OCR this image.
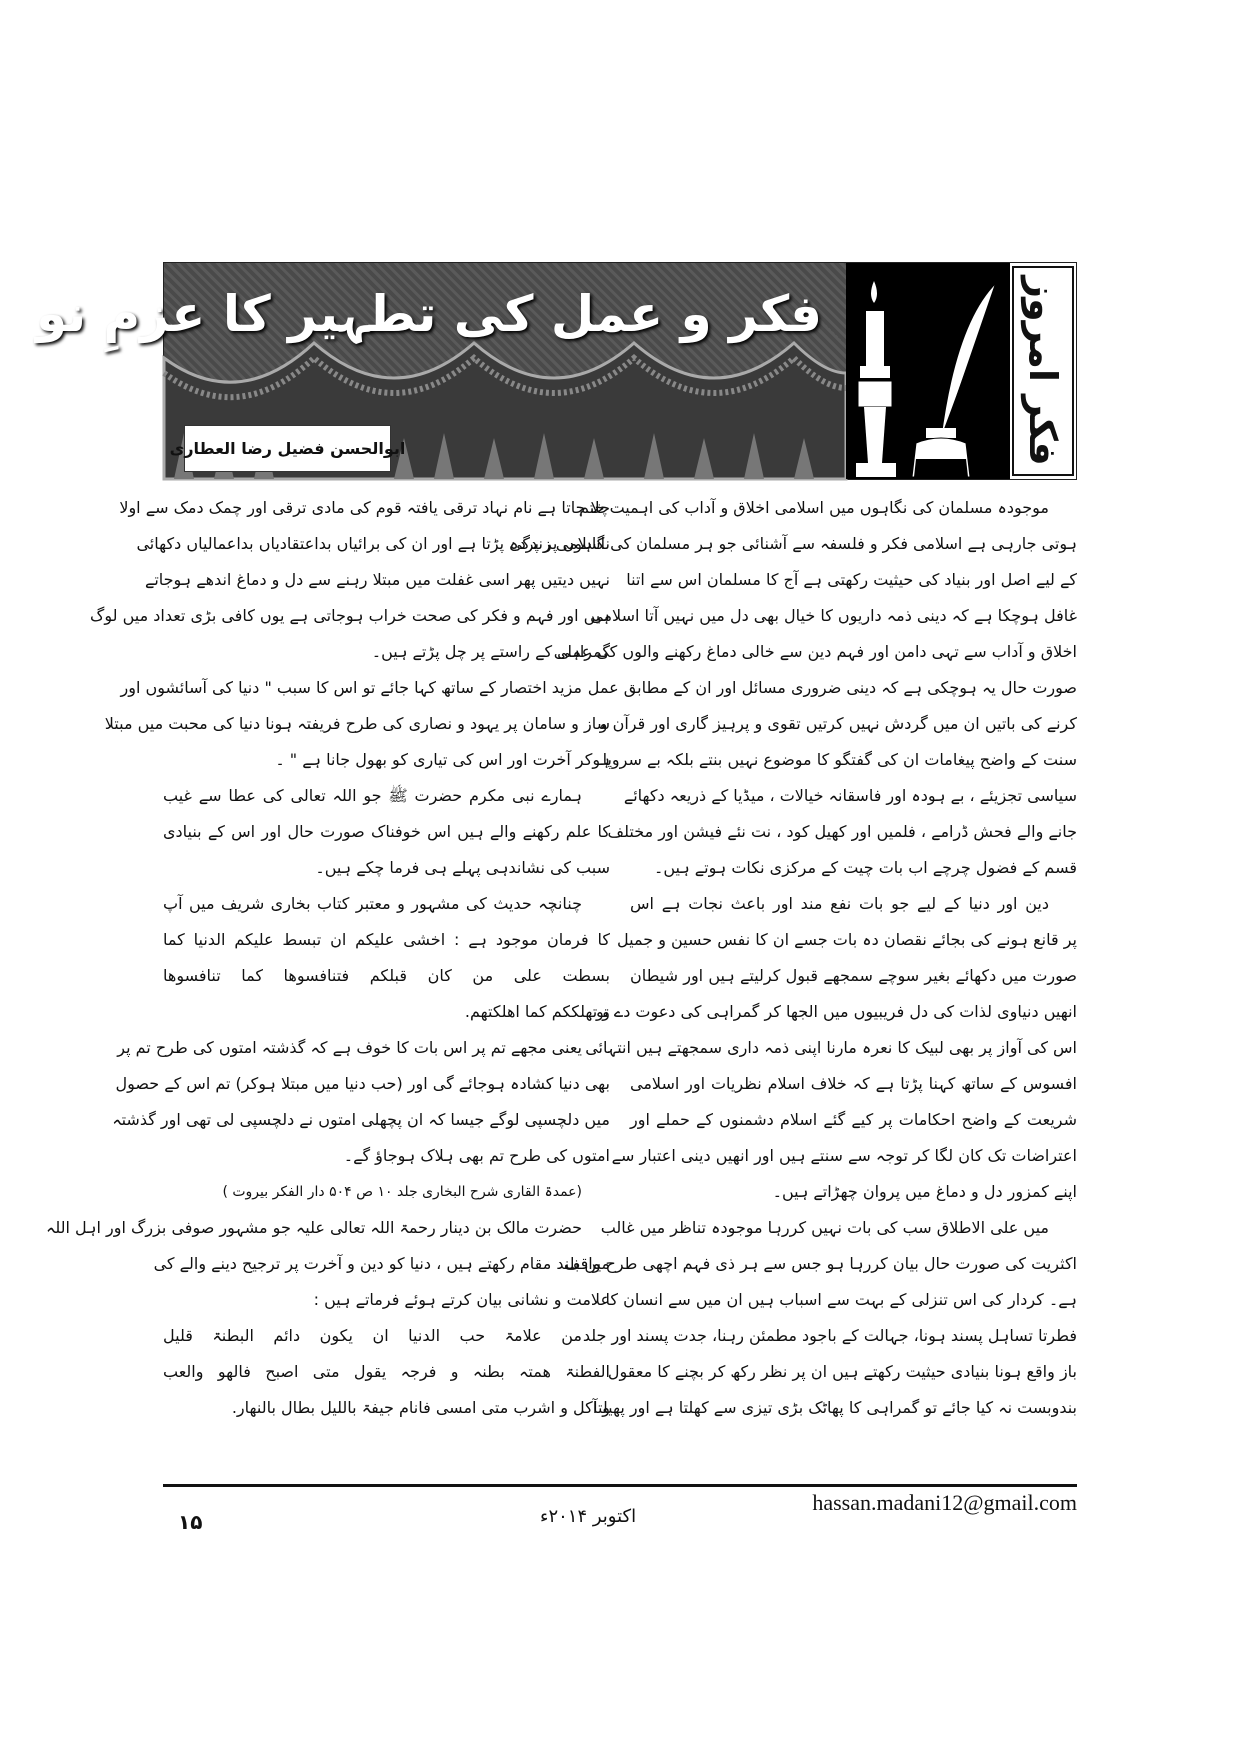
فکر و عمل کی تطہیر کا عزمِ نو
ابوالحسن فضیل رضا العطاری	فکر امروز
موجودہ مسلمان کی نگاہوں میں اسلامی اخلاق و آداب کی اہمیت ختم
ہوتی جارہی ہے اسلامی فکر و فلسفہ سے آشنائی جو ہر مسلمان کی اسلامی زندگی
کے لیے اصل اور بنیاد کی حیثیت رکھتی ہے آج کا مسلمان اس سے اتنا
غافل ہوچکا ہے کہ دینی ذمہ داریوں کا خیال بھی دل میں نہیں آتا اسلامی
اخلاق و آداب سے تہی دامن اور فہم دین سے خالی دماغ رکھنے والوں کی عملی
صورت حال یہ ہوچکی ہے کہ دینی ضروری مسائل اور ان کے مطابق عمل
کرنے کی باتیں ان میں گردش نہیں کرتیں تقوی و پرہیز گاری اور قرآن و
سنت کے واضح پیغامات ان کی گفتگو کا موضوع نہیں بنتے بلکہ بے سروپا
سیاسی تجزیئے ، بے ہودہ اور فاسقانہ خیالات ، میڈیا کے ذریعہ دکھائے
جانے والے فحش ڈرامے ، فلمیں اور کھیل کود ، نت نئے فیشن اور مختلف
قسم کے فضول چرچے اب بات چیت کے مرکزی نکات ہوتے ہیں۔
دین اور دنیا کے لیے جو بات نفع مند اور باعث نجات ہے اس
پر قانع ہونے کی بجائے نقصان دہ بات جسے ان کا نفس حسین و جمیل
صورت میں دکھائے بغیر سوچے سمجھے قبول کرلیتے ہیں اور شیطان
انھیں دنیاوی لذات کی دل فریبیوں میں الجھا کر گمراہی کی دعوت دے تو
اس کی آواز پر بھی لبیک کا نعرہ مارنا اپنی ذمہ داری سمجھتے ہیں انتہائی
افسوس کے ساتھ کہنا پڑتا ہے کہ خلاف اسلام نظریات اور اسلامی
شریعت کے واضح احکامات پر کیے گئے اسلام دشمنوں کے حملے اور
اعتراضات تک کان لگا کر توجہ سے سنتے ہیں اور انھیں دینی اعتبار سے
اپنے کمزور دل و دماغ میں پروان چھڑاتے ہیں۔
میں علی الاطلاق سب کی بات نہیں کررہا موجودہ تناظر میں غالب
اکثریت کی صورت حال بیان کررہا ہو جس سے ہر ذی فہم اچھی طرح واقف
ہے۔ کردار کی اس تنزلی کے بہت سے اسباب ہیں ان میں سے انسان کا
فطرتا تساہل پسند ہونا، جہالت کے باجود مطمئن رہنا، جدت پسند اور جلد
باز واقع ہونا بنیادی حیثیت رکھتے ہیں ان پر نظر رکھ کر بچنے کا معقول
بندوبست نہ کیا جائے تو گمراہی کا پھاٹک بڑی تیزی سے کھلتا ہے اور پھیلتا
چلا جاتا ہے نام نہاد ترقی یافتہ قوم کی مادی ترقی اور چمک دمک سے اولا
نگاہوں پر پردہ پڑتا ہے اور ان کی برائیاں بداعتقادیاں بداعمالیاں دکھائی
نہیں دیتیں پھر اسی غفلت میں مبتلا رہنے سے دل و دماغ اندھے ہوجاتے
ہیں اور فہم و فکر کی صحت خراب ہوجاتی ہے یوں کافی بڑی تعداد میں لوگ
گمراہی کے راستے پر چل پڑتے ہیں۔
مزید اختصار کے ساتھ کہا جائے تو اس کا سبب " دنیا کی آسائشوں اور
ساز و سامان پر یہود و نصاری کی طرح فریفتہ ہونا دنیا کی محبت میں مبتلا
ہوکر آخرت اور اس کی تیاری کو بھول جانا ہے " ۔
ہمارے نبی مکرم حضرت ﷺ جو اللہ تعالی کی عطا سے غیب
کا علم رکھنے والے ہیں اس خوفناک صورت حال اور اس کے بنیادی
سبب کی نشاندہی پہلے ہی فرما چکے ہیں۔
چنانچہ حدیث کی مشہور و معتبر کتاب بخاری شریف میں آپ
کا فرمان موجود ہے : اخشی علیکم ان تبسط علیکم الدنیا کما
بسطت علی من کان قبلکم فتنافسوھا کما تنافسوھا
و تھلککم کما اھلکتھم.
یعنی مجھے تم پر اس بات کا خوف ہے کہ گذشتہ امتوں کی طرح تم پر
بھی دنیا کشادہ ہوجائے گی اور (حب دنیا میں مبتلا ہوکر) تم اس کے حصول
میں دلچسپی لوگے جیسا کہ ان پچھلی امتوں نے دلچسپی لی تھی اور گذشتہ
امتوں کی طرح تم بھی ہلاک ہوجاؤ گے۔
(عمدۃ القاری شرح البخاری جلد ۱۰ ص ۵۰۴ دار الفکر بیروت )
حضرت مالک بن دینار رحمۃ اللہ تعالی علیہ جو مشہور صوفی بزرگ اور اہل اللہ
میں بلند مقام رکھتے ہیں ، دنیا کو دین و آخرت پر ترجیح دینے والے کی
علامت و نشانی بیان کرتے ہوئے فرماتے ہیں :
من علامۃ حب الدنیا ان یکون دائم البطنۃ قلیل
الفطنۃ ھمتہ بطنہ و فرجہ یقول متی اصبح فالھو والعب
و آکل و اشرب متی امسی فانام جیفۃ باللیل بطال بالنھار.
۱۵	اکتوبر ۲۰۱۴ء
hassan.madani12@gmail.com
